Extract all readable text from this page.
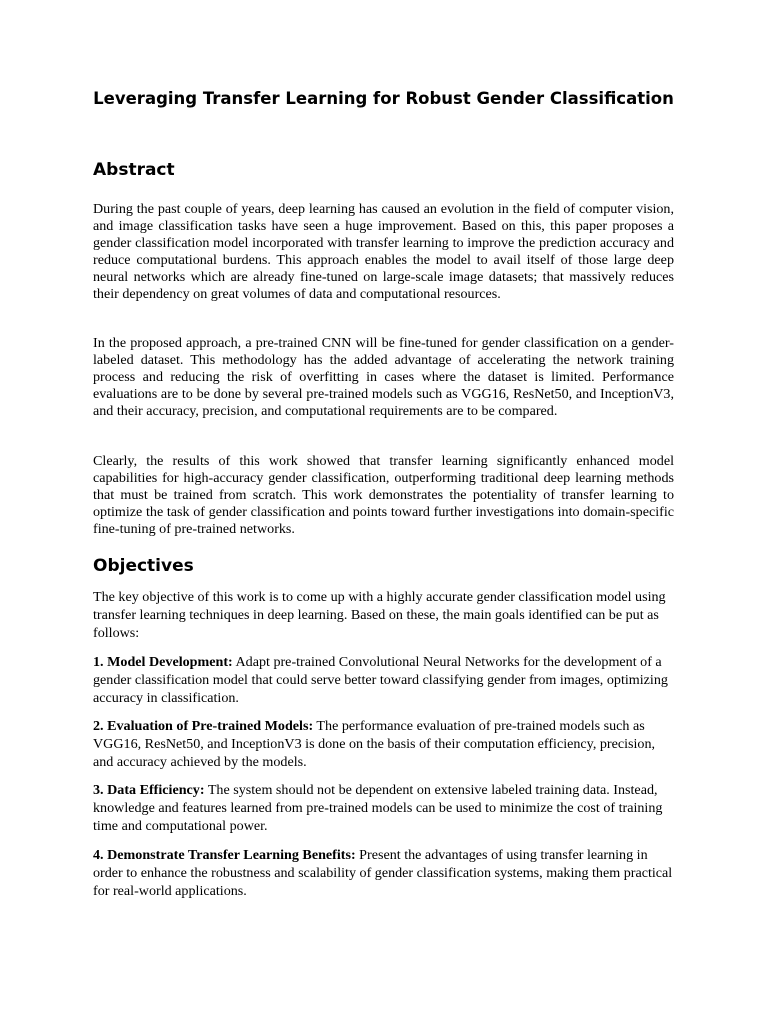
Leveraging Transfer Learning for Robust Gender Classification
Abstract

During the past couple of years, deep learning has caused an evolution in the field of computer vision, and image classification tasks have seen a huge improvement. Based on this, this paper proposes a gender classification model incorporated with transfer learning to improve the prediction accuracy and reduce computational burdens. This approach enables the model to avail itself of those large deep neural networks which are already fine-tuned on large-scale image datasets; that massively reduces their dependency on great volumes of data and computational resources.

In the proposed approach, a pre-trained CNN will be fine-tuned for gender classification on a gender-labeled dataset. This methodology has the added advantage of accelerating the network training process and reducing the risk of overfitting in cases where the dataset is limited. Performance evaluations are to be done by several pre-trained models such as VGG16, ResNet50, and InceptionV3, and their accuracy, precision, and computational requirements are to be compared.

Clearly, the results of this work showed that transfer learning significantly enhanced model capabilities for high-accuracy gender classification, outperforming traditional deep learning methods that must be trained from scratch. This work demonstrates the potentiality of transfer learning to optimize the task of gender classification and points toward further investigations into domain-specific fine-tuning of pre-trained networks.

Objectives

The key objective of this work is to come up with a highly accurate gender classification model using transfer learning techniques in deep learning. Based on these, the main goals identified can be put as follows:

1. Model Development: Adapt pre-trained Convolutional Neural Networks for the development of a gender classification model that could serve better toward classifying gender from images, optimizing accuracy in classification.

2. Evaluation of Pre-trained Models: The performance evaluation of pre-trained models such as VGG16, ResNet50, and InceptionV3 is done on the basis of their computation efficiency, precision, and accuracy achieved by the models.

3. Data Efficiency: The system should not be dependent on extensive labeled training data. Instead, knowledge and features learned from pre-trained models can be used to minimize the cost of training time and computational power.

4. Demonstrate Transfer Learning Benefits: Present the advantages of using transfer learning in order to enhance the robustness and scalability of gender classification systems, making them practical for real-world applications.
